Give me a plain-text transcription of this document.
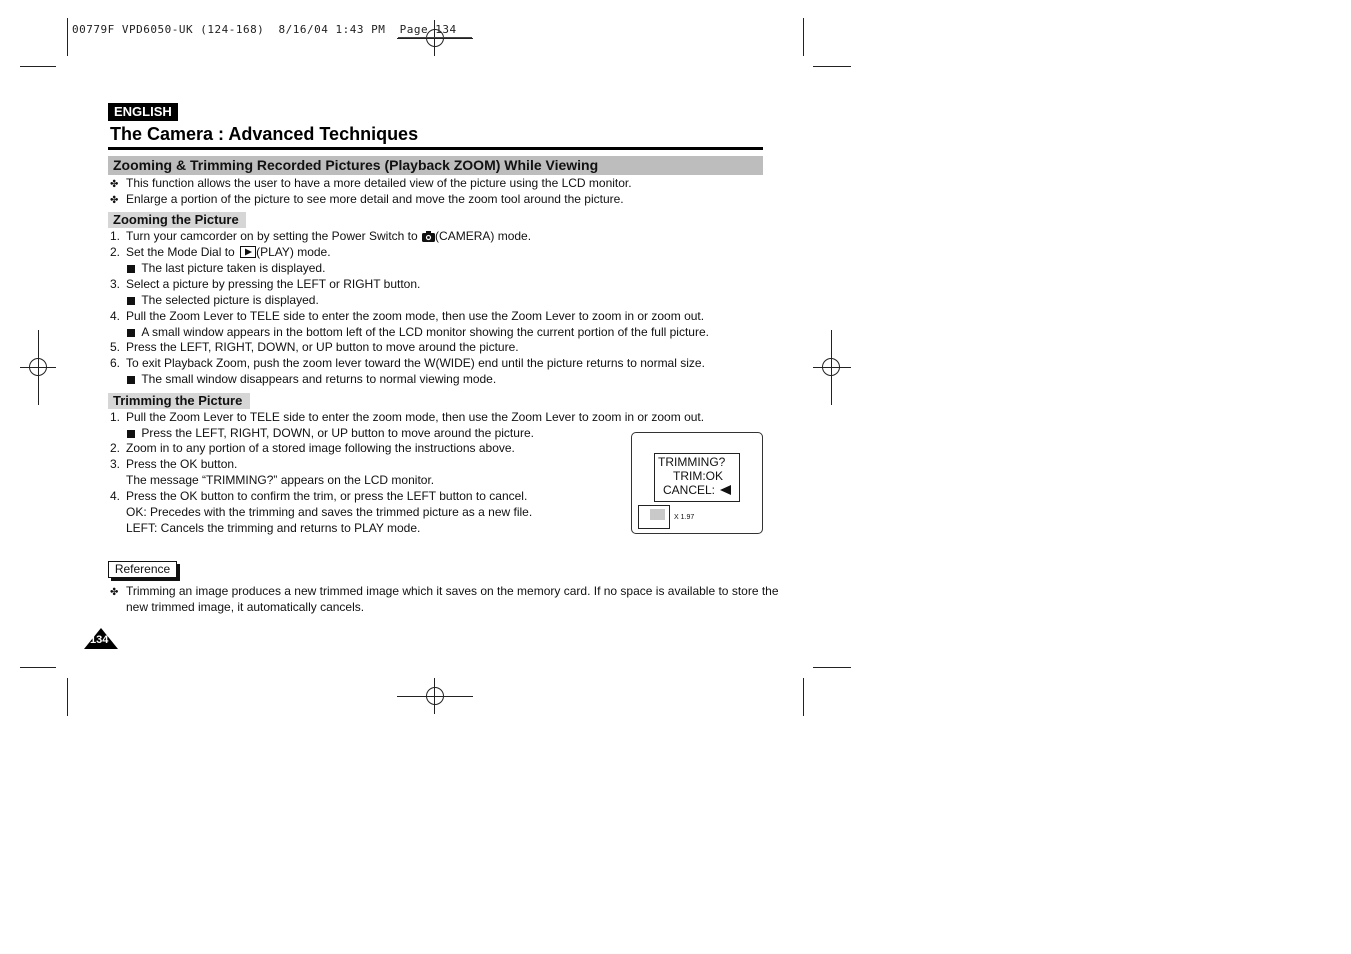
00779F VPD6050-UK (124-168)  8/16/04 1:43 PM  Page 134
ENGLISH
The Camera : Advanced Techniques
Zooming & Trimming Recorded Pictures (Playback ZOOM) While Viewing
✤ This function allows the user to have a more detailed view of the picture using the LCD monitor.
✤ Enlarge a portion of the picture to see more detail and move the zoom tool around the picture.
Zooming the Picture
1. Turn your camcorder on by setting the Power Switch to (CAMERA) mode.
2. Set the Mode Dial to (PLAY) mode.
The last picture taken is displayed.
3. Select a picture by pressing the LEFT or RIGHT button.
The selected picture is displayed.
4. Pull the Zoom Lever to TELE side to enter the zoom mode, then use the Zoom Lever to zoom in or zoom out.
A small window appears in the bottom left of the LCD monitor showing the current portion of the full picture.
5. Press the LEFT, RIGHT, DOWN, or UP button to move around the picture.
6. To exit Playback Zoom, push the zoom lever toward the W(WIDE) end until the picture returns to normal size.
The small window disappears and returns to normal viewing mode.
Trimming the Picture
1. Pull the Zoom Lever to TELE side to enter the zoom mode, then use the Zoom Lever to zoom in or zoom out.
Press the LEFT, RIGHT, DOWN, or UP button to move around the picture.
2. Zoom in to any portion of a stored image following the instructions above.
3. Press the OK button.
The message “TRIMMING?” appears on the LCD monitor.
4. Press the OK button to confirm the trim, or press the LEFT button to cancel.
OK: Precedes with the trimming and saves the trimmed picture as a new file.
LEFT: Cancels the trimming and returns to PLAY mode.
TRIMMING?
TRIM:OK
CANCEL:
X 1.97
Reference
✤ Trimming an image produces a new trimmed image which it saves on the memory card. If no space is available to store the
new trimmed image, it automatically cancels.
134
